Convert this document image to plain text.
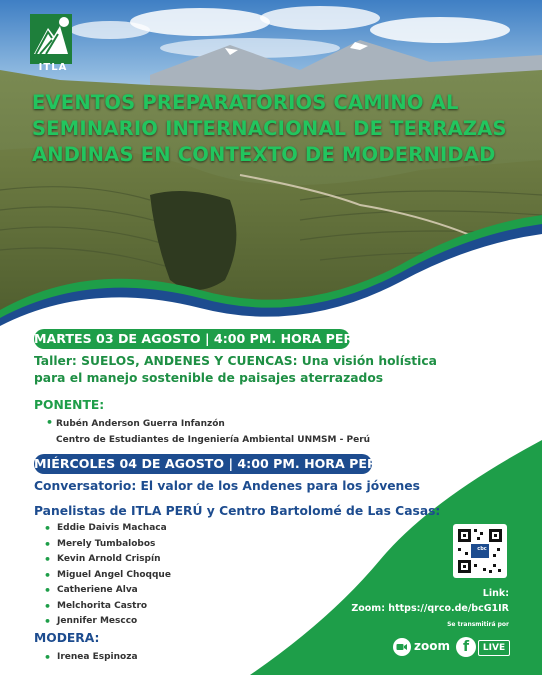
ITLA
EVENTOS PREPARATORIOS CAMINO AL
SEMINARIO INTERNACIONAL DE TERRAZAS
ANDINAS EN CONTEXTO DE MODERNIDAD
MARTES 03 DE AGOSTO | 4:00 PM. HORA PERÚ
Taller: SUELOS, ANDENES Y CUENCAS: Una visión holística
para el manejo sostenible de paisajes aterrazados
PONENTE:
• Rubén Anderson Guerra Infanzón
Centro de Estudiantes de Ingeniería Ambiental UNMSM - Perú
MIÉRCOLES 04 DE AGOSTO | 4:00 PM. HORA PERÚ
Conversatorio: El valor de los Andenes para los jóvenes
Panelistas de ITLA PERÚ y Centro Bartolomé de Las Casas:
• Eddie Daivis Machaca
• Merely Tumbalobos
• Kevin Arnold Crispín
• Miguel Angel Choqque
• Catheriene Alva
• Melchorita Castro
• Jennifer Mescco
MODERA:
• Irenea Espinoza
cbc
Link:
Zoom: https://qrco.de/bcG1IR
Se transmitirá por
zoom f	LIVE
